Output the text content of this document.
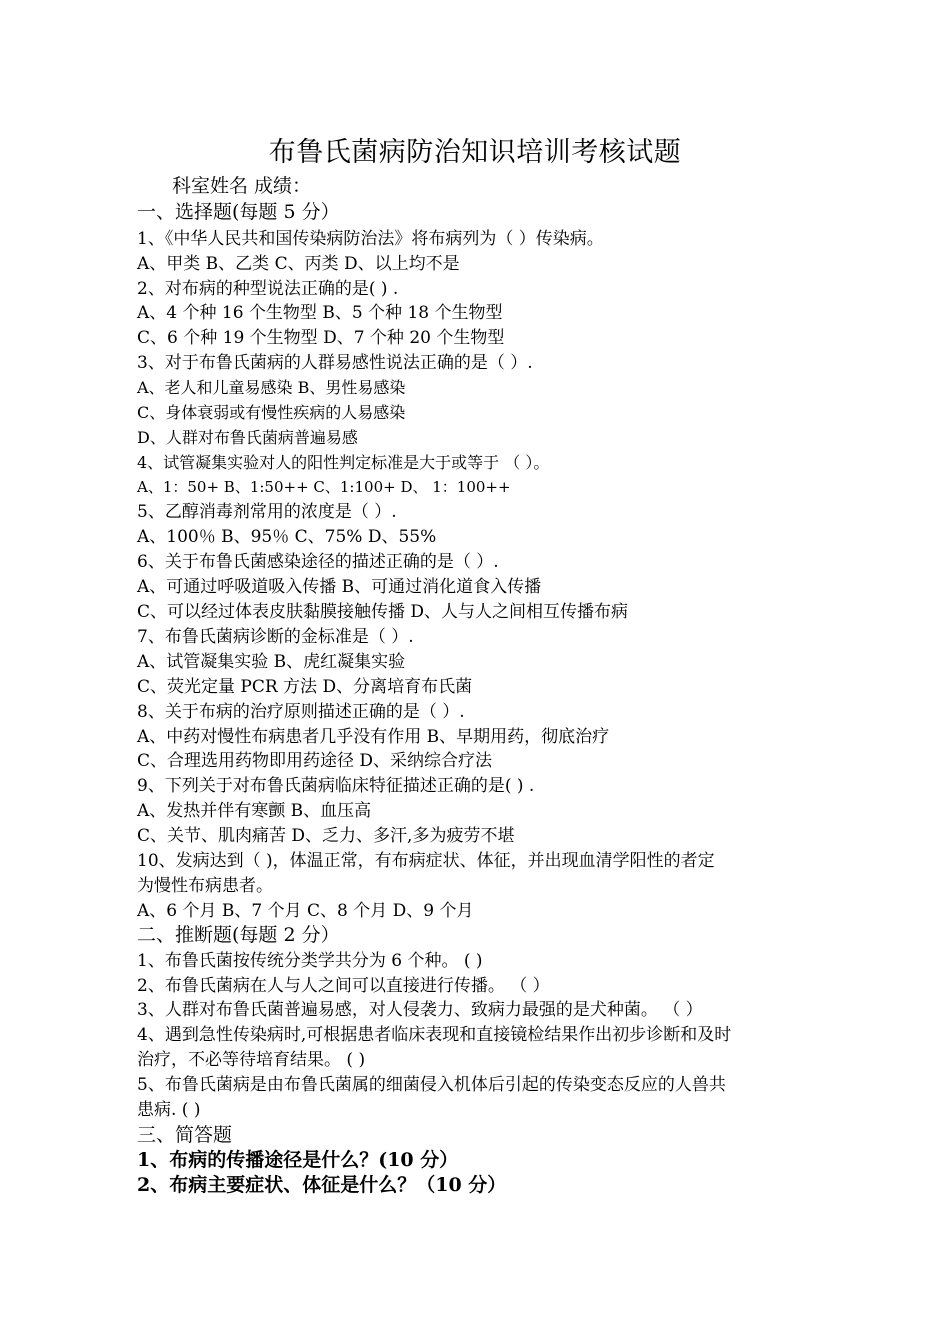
布鲁氏菌病防治知识培训考核试题
科室姓名 成绩：
一、选择题(每题 5 分）
1、《中华人民共和国传染病防治法》将布病列为（ ）传染病。
A、甲类 B、乙类 C、丙类 D、以上均不是
2、对布病的种型说法正确的是( ) .
A、4 个种 16 个生物型 B、5 个种 18 个生物型
C、6 个种 19 个生物型 D、7 个种 20 个生物型
3、对于布鲁氏菌病的人群易感性说法正确的是（ ）.
A、老人和儿童易感染 B、男性易感染
C、身体衰弱或有慢性疾病的人易感染
D、人群对布鲁氏菌病普遍易感
4、试管凝集实验对人的阳性判定标准是大于或等于 （ ）。
A、1：50+ B、1:50++ C、1:100+ D、 1：100++
5、乙醇消毒剂常用的浓度是（ ）.
A、100％ B、95％ C、75% D、55%
6、关于布鲁氏菌感染途径的描述正确的是（ ）.
A、可通过呼吸道吸入传播 B、可通过消化道食入传播
C、可以经过体表皮肤黏膜接触传播 D、人与人之间相互传播布病
7、布鲁氏菌病诊断的金标准是（ ）.
A、试管凝集实验 B、虎红凝集实验
C、荧光定量 PCR 方法 D、分离培育布氏菌
8、关于布病的治疗原则描述正确的是（ ）.
A、中药对慢性布病患者几乎没有作用 B、早期用药，彻底治疗
C、合理选用药物即用药途径 D、采纳综合疗法
9、下列关于对布鲁氏菌病临床特征描述正确的是( ) .
A、发热并伴有寒颤 B、血压高
C、关节、肌肉痛苦 D、乏力、多汗,多为疲劳不堪
10、发病达到（ )，体温正常，有布病症状、体征，并出现血清学阳性的者定
为慢性布病患者。
A、6 个月 B、7 个月 C、8 个月 D、9 个月
二、推断题(每题 2 分）
1、布鲁氏菌按传统分类学共分为 6 个种。 ( )
2、布鲁氏菌病在人与人之间可以直接进行传播。 （ ）
3、人群对布鲁氏菌普遍易感，对人侵袭力、致病力最强的是犬种菌。 （ ）
4、遇到急性传染病时,可根据患者临床表现和直接镜检结果作出初步诊断和及时
治疗，不必等待培育结果。 ( )
5、布鲁氏菌病是由布鲁氏菌属的细菌侵入机体后引起的传染变态反应的人兽共
患病. ( )
三、简答题
1、布病的传播途径是什么？(10 分）
2、布病主要症状、体征是什么？（10 分）
